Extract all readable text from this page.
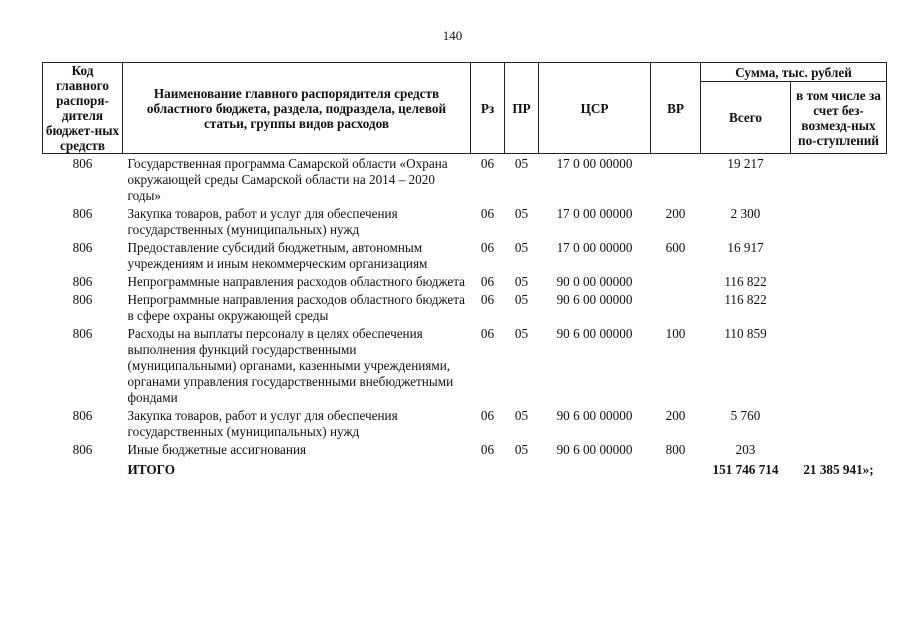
140
Код главного распоря-дителя бюджет-ных средств	Наименование главного распорядителя средств областного бюджета, раздела, подраздела, целевой статьи, группы видов расходов	Рз	ПР	ЦСР	ВР	Сумма, тыс. рублей	
						Всего	в том числе за счет без-возмезд-ных по-ступлений
806	Государственная программа Самарской области «Охрана окружающей среды Самарской области на 2014 – 2020 годы»	06	05	17 0 00 00000		19 217	
806	Закупка товаров, работ и услуг для обеспечения государственных (муниципальных) нужд	06	05	17 0 00 00000	200	2 300	
806	Предоставление субсидий бюджетным, автономным учреждениям и иным некоммерческим организациям	06	05	17 0 00 00000	600	16 917	
806	Непрограммные направления расходов областного бюджета	06	05	90 0 00 00000		116 822	
806	Непрограммные направления расходов областного бюджета в сфере охраны окружающей среды	06	05	90 6 00 00000		116 822	
806	Расходы на выплаты персоналу в целях обеспечения выполнения функций государственными (муниципальными) органами, казенными учреждениями, органами управления государственными внебюджетными фондами	06	05	90 6 00 00000	100	110 859	
806	Закупка товаров, работ и услуг для обеспечения государственных (муниципальных) нужд	06	05	90 6 00 00000	200	5 760	
806	Иные бюджетные ассигнования	06	05	90 6 00 00000	800	203	
	ИТОГО					151 746 714	21 385 941»;
